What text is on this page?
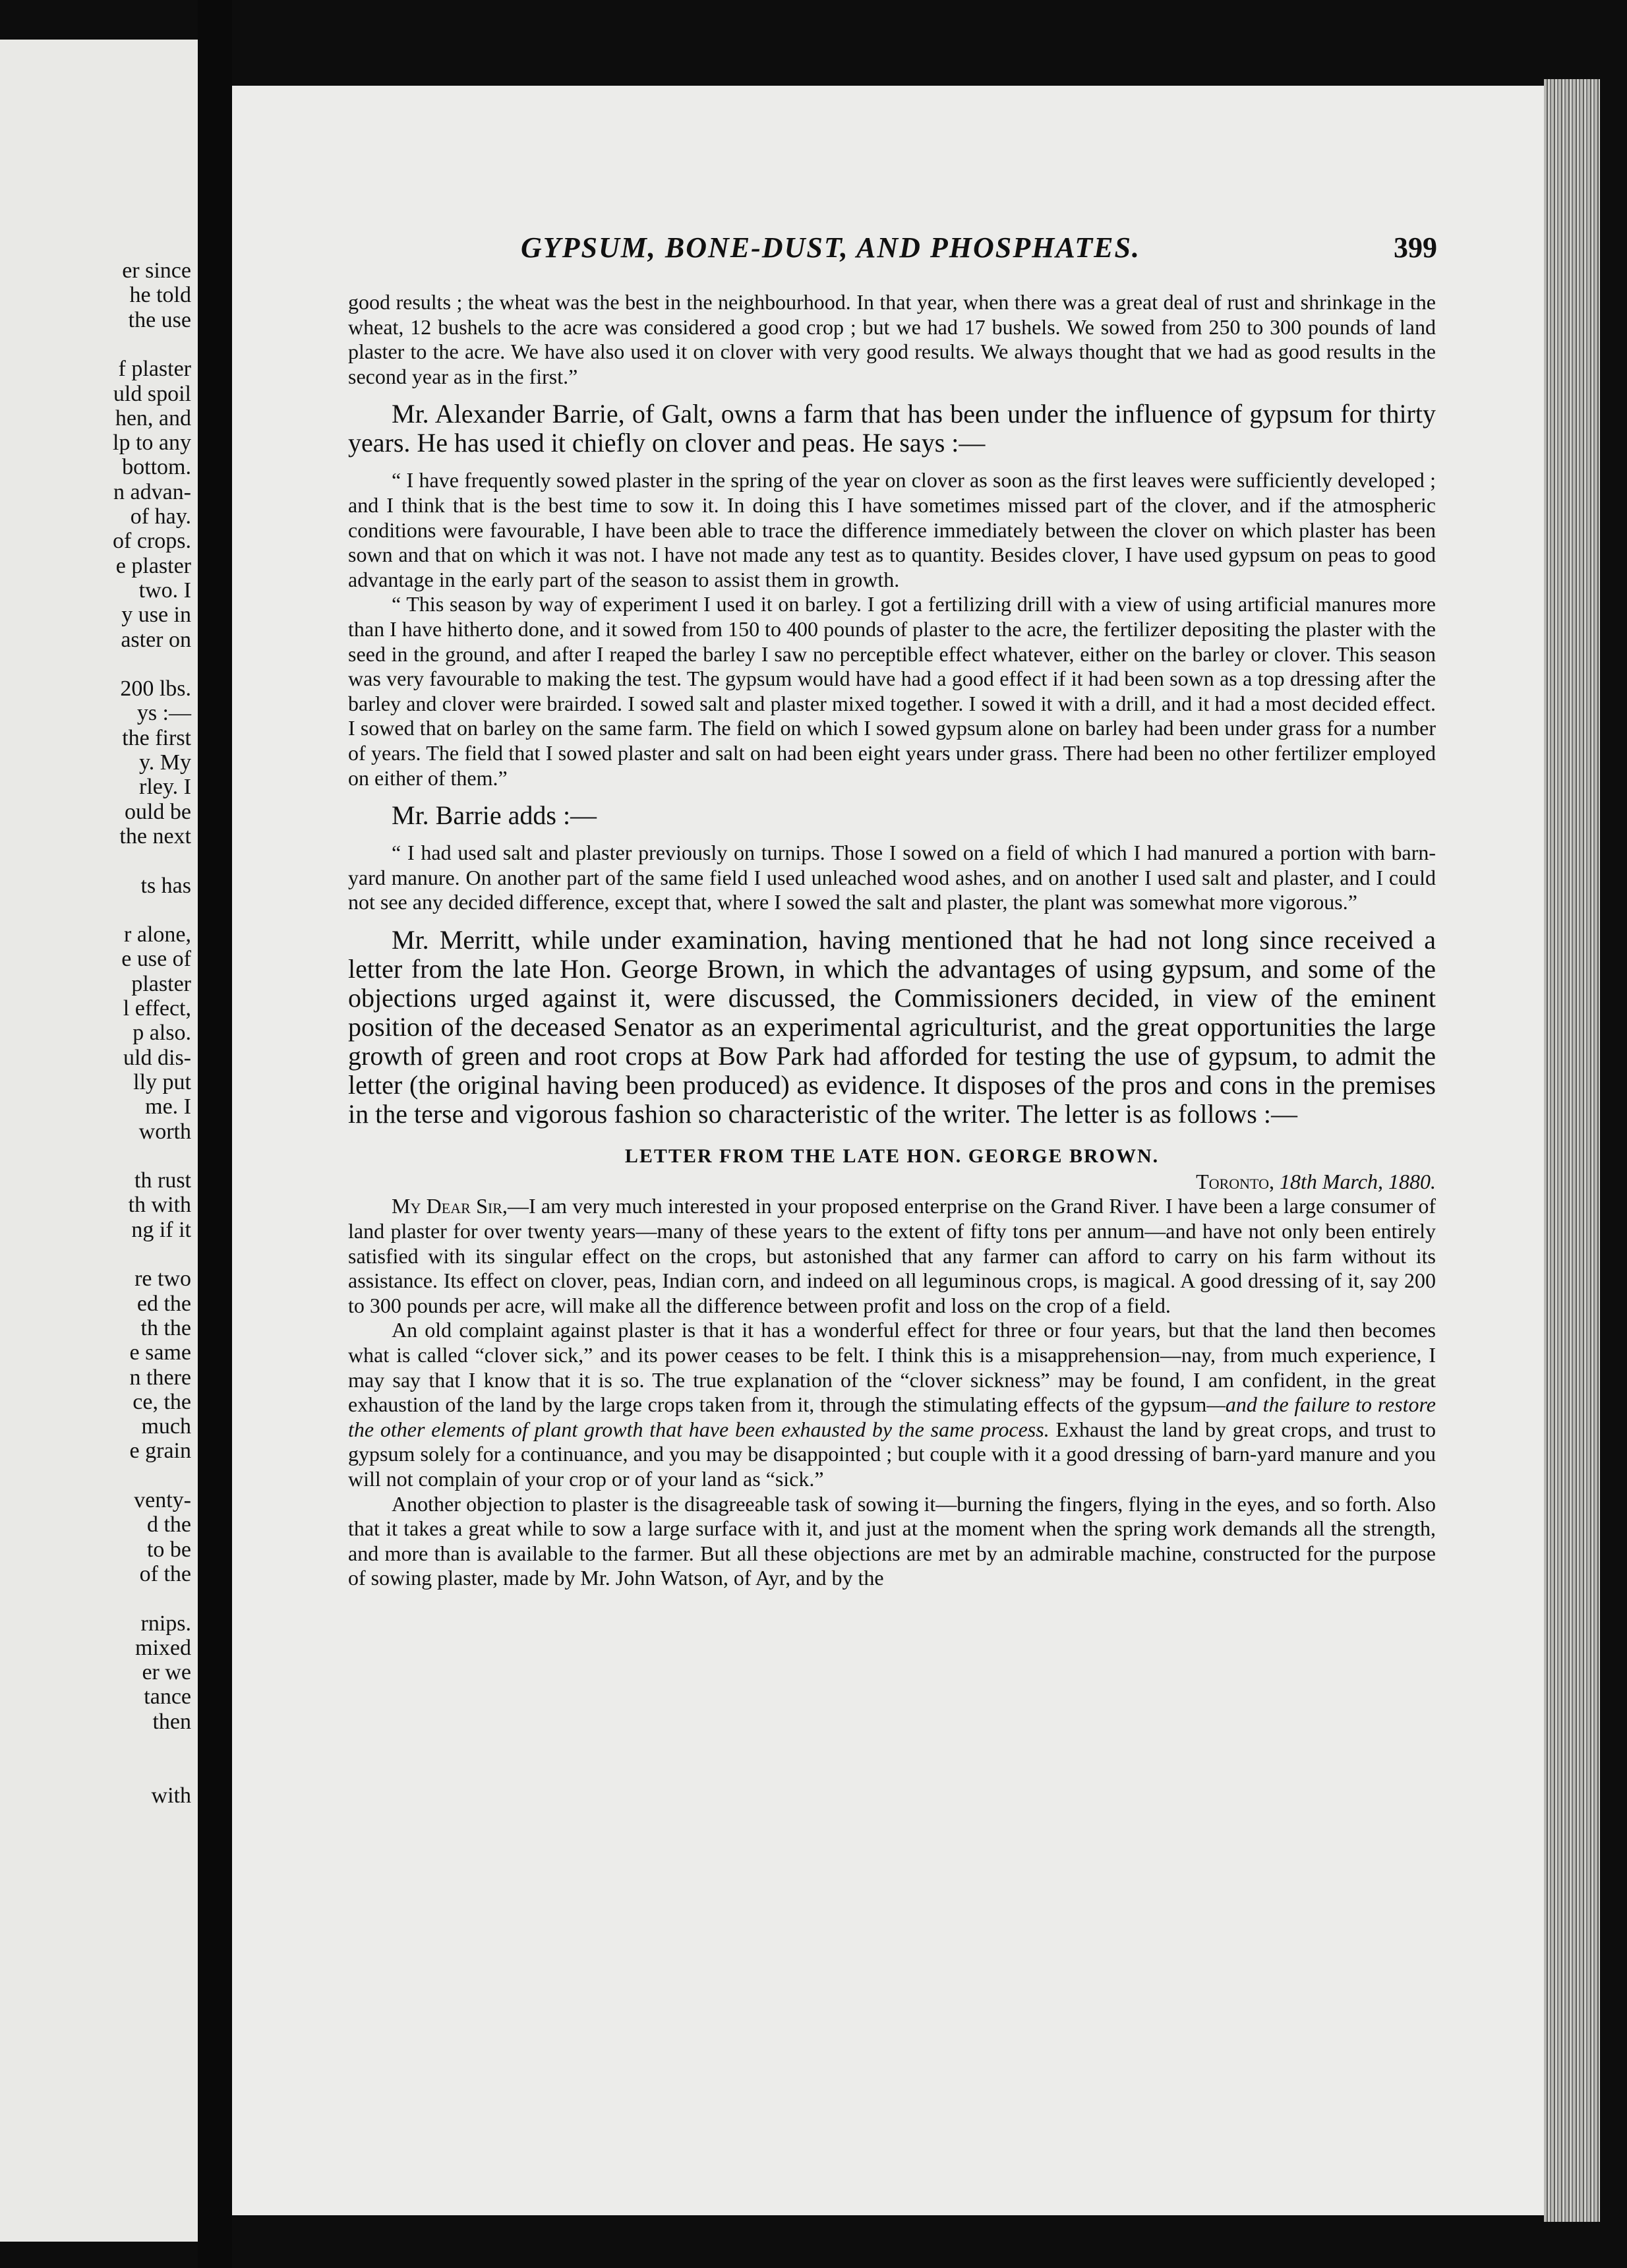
er since
he told
the use
f plaster
uld spoil
hen, and
lp to any
bottom.
n advan-
of hay.
of crops.
e plaster
two. I
y use in
aster on
200 lbs.
ys :—
the first
y. My
rley. I
ould be
the next
ts has
r alone,
e use of
plaster
l effect,
p also.
uld dis-
lly put
me. I
worth
th rust
th with
ng if it
re two
ed the
th the
e same
n there
ce, the
much
e grain
venty-
d the
to be
of the
rnips.
mixed
er we
tance
then
with
GYPSUM, BONE-DUST, AND PHOSPHATES.	399

good results ; the wheat was the best in the neighbourhood. In that year, when there was a great deal of rust and shrinkage in the wheat, 12 bushels to the acre was considered a good crop ; but we had 17 bushels. We sowed from 250 to 300 pounds of land plaster to the acre. We have also used it on clover with very good results. We always thought that we had as good results in the second year as in the first.”

Mr. Alexander Barrie, of Galt, owns a farm that has been under the influence of gypsum for thirty years. He has used it chiefly on clover and peas. He says :—

“ I have frequently sowed plaster in the spring of the year on clover as soon as the first leaves were sufficiently developed ; and I think that is the best time to sow it. In doing this I have sometimes missed part of the clover, and if the atmospheric conditions were favourable, I have been able to trace the difference immediately between the clover on which plaster has been sown and that on which it was not. I have not made any test as to quantity. Besides clover, I have used gypsum on peas to good advantage in the early part of the season to assist them in growth.

“ This season by way of experiment I used it on barley. I got a fertilizing drill with a view of using artificial manures more than I have hitherto done, and it sowed from 150 to 400 pounds of plaster to the acre, the fertilizer depositing the plaster with the seed in the ground, and after I reaped the barley I saw no perceptible effect whatever, either on the barley or clover. This season was very favourable to making the test. The gypsum would have had a good effect if it had been sown as a top dressing after the barley and clover were brairded. I sowed salt and plaster mixed together. I sowed it with a drill, and it had a most decided effect. I sowed that on barley on the same farm. The field on which I sowed gypsum alone on barley had been under grass for a number of years. The field that I sowed plaster and salt on had been eight years under grass. There had been no other fertilizer employed on either of them.”

Mr. Barrie adds :—

“ I had used salt and plaster previously on turnips. Those I sowed on a field of which I had manured a portion with barn-yard manure. On another part of the same field I used unleached wood ashes, and on another I used salt and plaster, and I could not see any decided difference, except that, where I sowed the salt and plaster, the plant was somewhat more vigorous.”

Mr. Merritt, while under examination, having mentioned that he had not long since received a letter from the late Hon. George Brown, in which the advantages of using gypsum, and some of the objections urged against it, were discussed, the Commissioners decided, in view of the eminent position of the deceased Senator as an experimental agriculturist, and the great opportunities the large growth of green and root crops at Bow Park had afforded for testing the use of gypsum, to admit the letter (the original having been produced) as evidence. It disposes of the pros and cons in the premises in the terse and vigorous fashion so characteristic of the writer. The letter is as follows :—

LETTER FROM THE LATE HON. GEORGE BROWN.

Toronto, 18th March, 1880.

My Dear Sir,—I am very much interested in your proposed enterprise on the Grand River. I have been a large consumer of land plaster for over twenty years—many of these years to the extent of fifty tons per annum—and have not only been entirely satisfied with its singular effect on the crops, but astonished that any farmer can afford to carry on his farm without its assistance. Its effect on clover, peas, Indian corn, and indeed on all leguminous crops, is magical. A good dressing of it, say 200 to 300 pounds per acre, will make all the difference between profit and loss on the crop of a field.

An old complaint against plaster is that it has a wonderful effect for three or four years, but that the land then becomes what is called “clover sick,” and its power ceases to be felt. I think this is a misapprehension—nay, from much experience, I may say that I know that it is so. The true explanation of the “clover sickness” may be found, I am confident, in the great exhaustion of the land by the large crops taken from it, through the stimulating effects of the gypsum—and the failure to restore the other elements of plant growth that have been exhausted by the same process. Exhaust the land by great crops, and trust to gypsum solely for a continuance, and you may be disappointed ; but couple with it a good dressing of barn-yard manure and you will not complain of your crop or of your land as “sick.”

Another objection to plaster is the disagreeable task of sowing it—burning the fingers, flying in the eyes, and so forth. Also that it takes a great while to sow a large surface with it, and just at the moment when the spring work demands all the strength, and more than is available to the farmer. But all these objections are met by an admirable machine, constructed for the purpose of sowing plaster, made by Mr. John Watson, of Ayr, and by the
